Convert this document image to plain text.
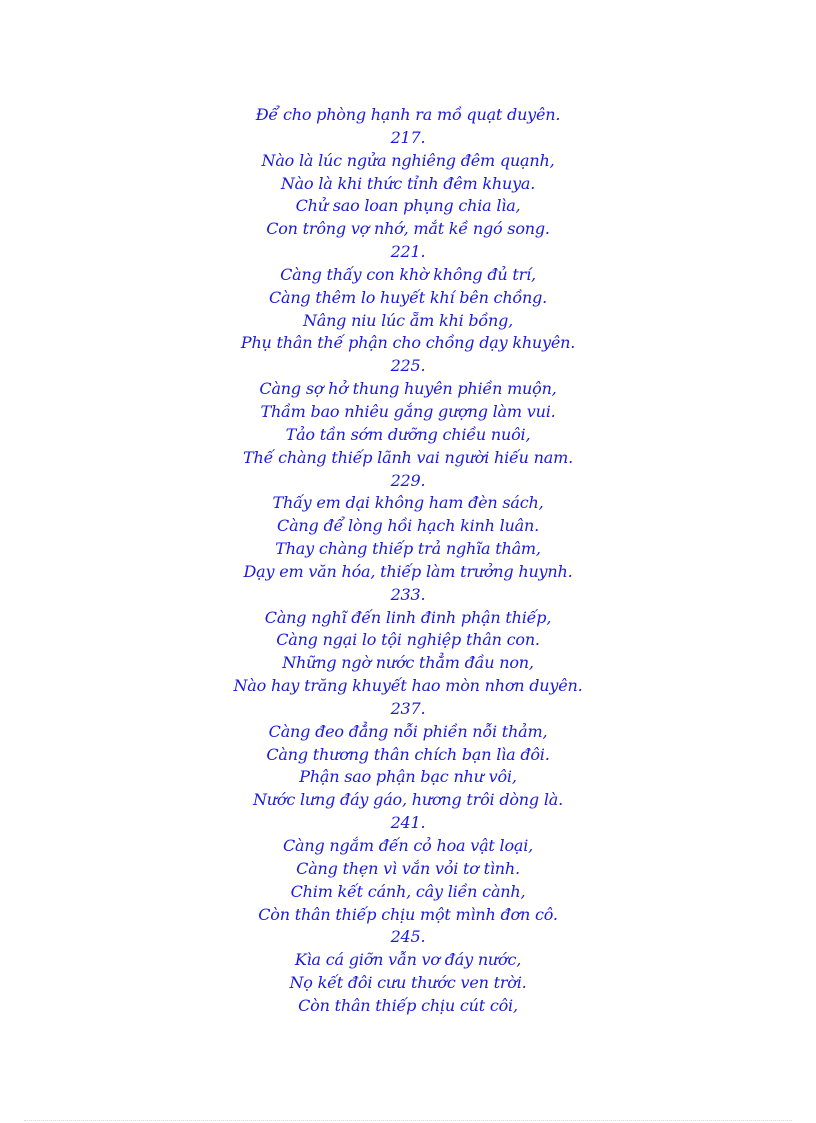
Để cho phòng hạnh ra mồ quạt duyên.
217.
Nào là lúc ngửa nghiêng đêm quạnh,
Nào là khi thức tỉnh đêm khuya.
Chử sao loan phụng chia lìa,
Con trông vợ nhớ, mắt kề ngó song.
221.
Càng thấy con khờ không đủ trí,
Càng thêm lo huyết khí bên chồng.
Nâng niu lúc ẵm khi bồng,
Phụ thân thế phận cho chồng dạy khuyên.
225.
Càng sợ hở thung huyên phiền muộn,
Thầm bao nhiêu gắng gượng làm vui.
Tảo tần sớm dưỡng chiều nuôi,
Thế chàng thiếp lãnh vai người hiếu nam.
229.
Thấy em dại không ham đèn sách,
Càng để lòng hồi hạch kinh luân.
Thay chàng thiếp trả nghĩa thâm,
Dạy em văn hóa, thiếp làm trưởng huynh.
233.
Càng nghĩ đến linh đinh phận thiếp,
Càng ngại lo tội nghiệp thân con.
Những ngờ nước thẳm đầu non,
Nào hay trăng khuyết hao mòn nhơn duyên.
237.
Càng đeo đẳng nỗi phiền nỗi thảm,
Càng thương thân chích bạn lìa đôi.
Phận sao phận bạc như vôi,
Nước lưng đáy gáo, hương trôi dòng là.
241.
Càng ngắm đến cỏ hoa vật loại,
Càng thẹn vì vắn vỏi tơ tình.
Chim kết cánh, cây liền cành,
Còn thân thiếp chịu một mình đơn cô.
245.
Kìa cá giỡn vẫn vơ đáy nước,
Nọ kết đôi cưu thước ven trời.
Còn thân thiếp chịu cút côi,
